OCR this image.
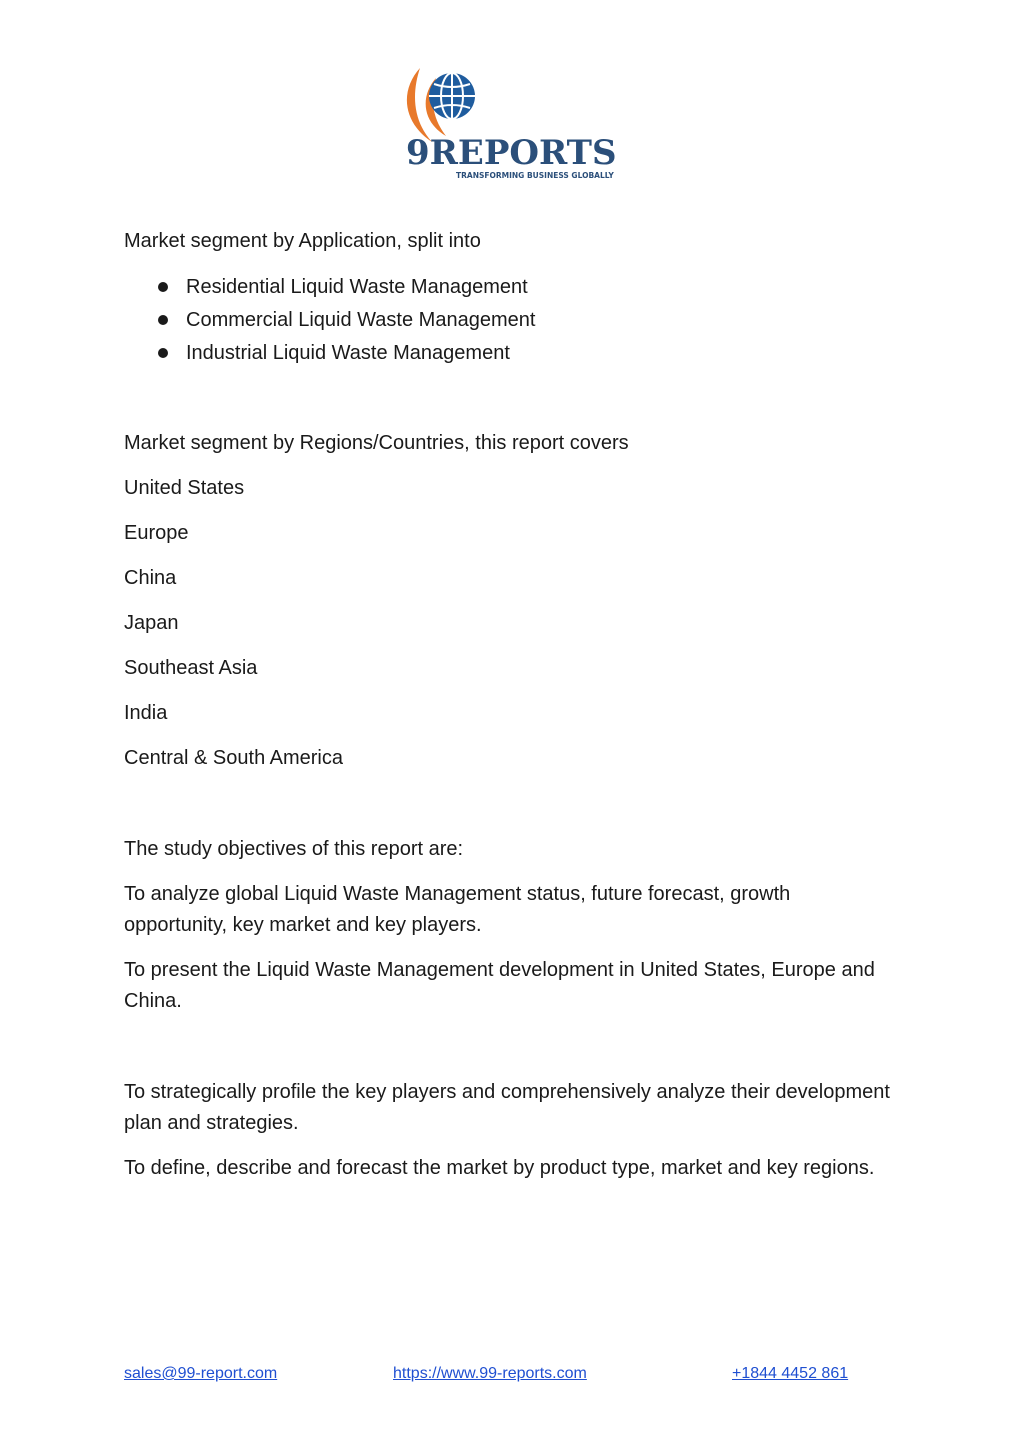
9REPORTS
TRANSFORMING BUSINESS GLOBALLY

Market segment by Application, split into

Residential Liquid Waste Management
Commercial Liquid Waste Management
Industrial Liquid Waste Management

Market segment by Regions/Countries, this report covers

United States

Europe

China

Japan

Southeast Asia

India

Central & South America

The study objectives of this report are:

To analyze global Liquid Waste Management status, future forecast, growth opportunity, key market and key players.

To present the Liquid Waste Management development in United States, Europe and China.

To strategically profile the key players and comprehensively analyze their development plan and strategies.

To define, describe and forecast the market by product type, market and key regions.

sales@99-report.com	https://www.99-reports.com	+1844 4452 861
